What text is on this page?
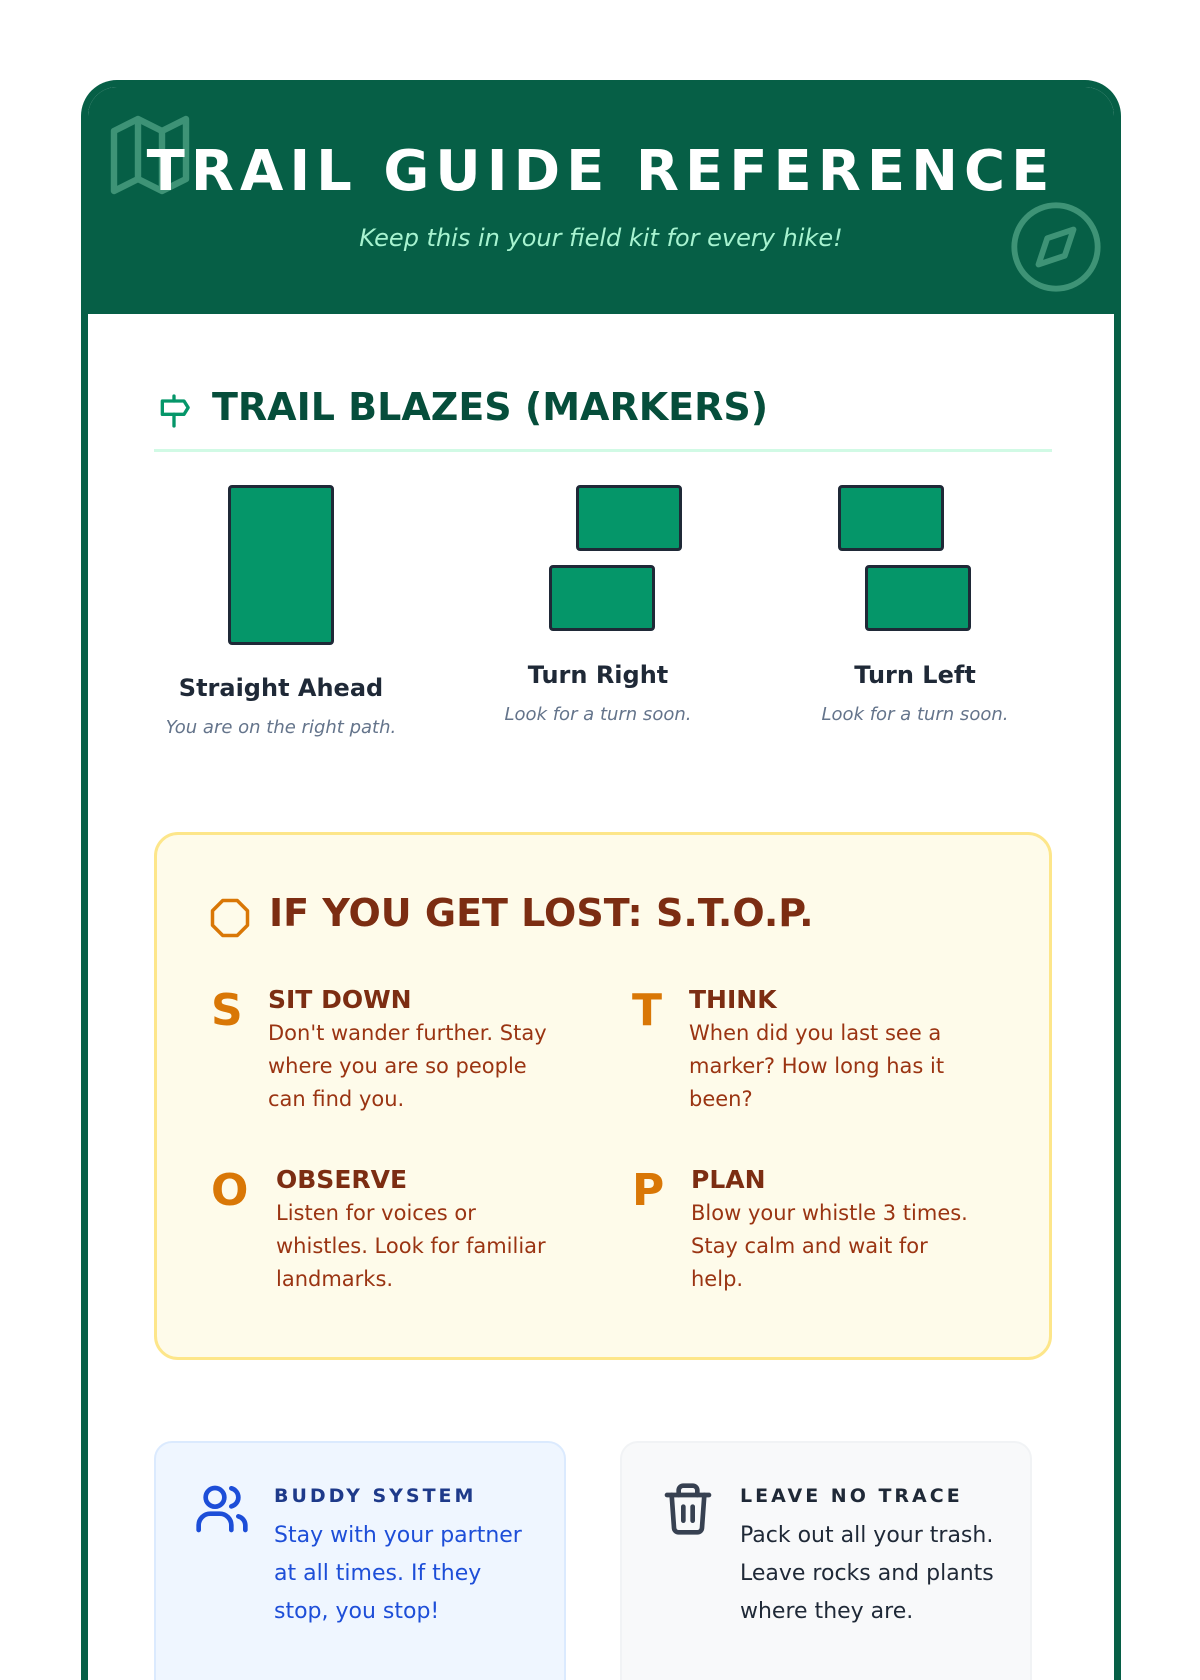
TRAIL GUIDE REFERENCE
Keep this in your field kit for every hike!
TRAIL BLAZES (MARKERS)
Straight Ahead
You are on the right path.
Turn Right
Look for a turn soon.
Turn Left
Look for a turn soon.
IF YOU GET LOST: S.T.O.P.
S SIT DOWN
Don't wander further. Stay where you are so people can find you.
T THINK
When did you last see a marker? How long has it been?
O OBSERVE
Listen for voices or whistles. Look for familiar landmarks.
P PLAN
Blow your whistle 3 times. Stay calm and wait for help.
BUDDY SYSTEM
Stay with your partner at all times. If they stop, you stop!
LEAVE NO TRACE
Pack out all your trash. Leave rocks and plants where they are.
